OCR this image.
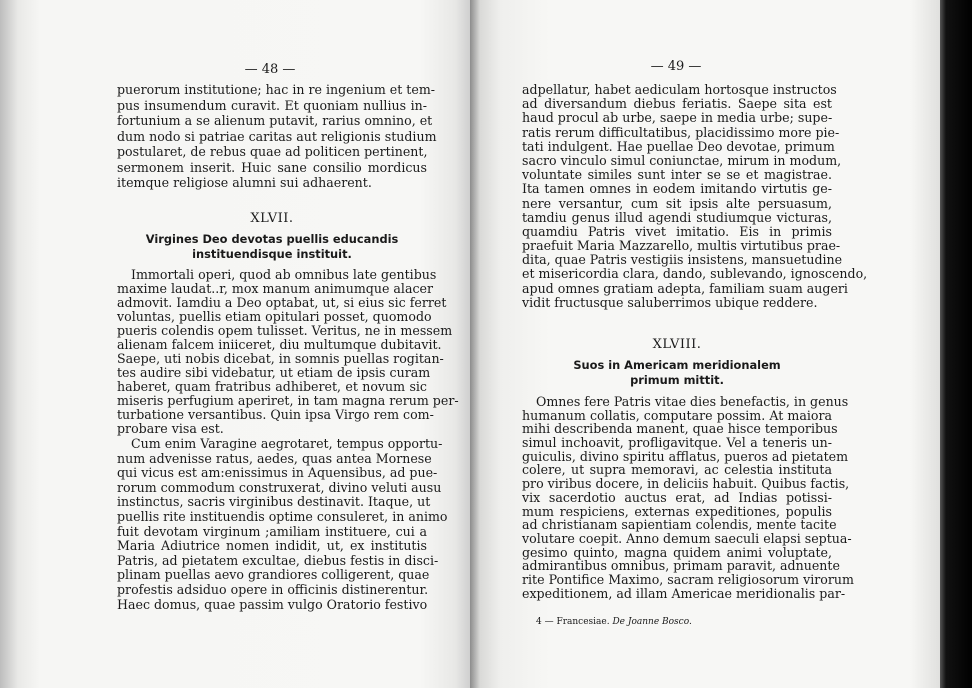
— 48 —
puerorum institutione; hac in re ingenium et tem-
pus insumendum curavit. Et quoniam nullius in-
fortunium a se alienum putavit, rarius omnino, et
dum nodo si patriae caritas aut religionis studium
postularet, de rebus quae ad politicen pertinent,
sermonem inserit. Huic sane consilio mordicus
itemque religiose alumni sui adhaerent.
XLVII.
Virgines Deo devotas puellis educandis
instituendisque instituit.
Immortali operi, quod ab omnibus late gentibus
maxime laudat..r, mox manum animumque alacer
admovit. Iamdiu a Deo optabat, ut, si eius sic ferret
voluntas, puellis etiam opitulari posset, quomodo
pueris colendis opem tulisset. Veritus, ne in messem
alienam falcem iniiceret, diu multumque dubitavit.
Saepe, uti nobis dicebat, in somnis puellas rogitan-
tes audire sibi videbatur, ut etiam de ipsis curam
haberet, quam fratribus adhiberet, et novum sic
miseris perfugium aperiret, in tam magna rerum per-
turbatione versantibus. Quin ipsa Virgo rem com-
probare visa est.
Cum enim Varagine aegrotaret, tempus opportu-
num advenisse ratus, aedes, quas antea Mornese
qui vicus est am:enissimus in Aquensibus, ad pue-
rorum commodum construxerat, divino veluti ausu
instinctus, sacris virginibus destinavit. Itaque, ut
puellis rite instituendis optime consuleret, in animo
fuit devotam virginum ;amiliam instituere, cui a
Maria Adiutrice nomen indidit, ut, ex institutis
Patris, ad pietatem excultae, diebus festis in disci-
plinam puellas aevo grandiores colligerent, quae
profestis adsiduo opere in officinis distinerentur.
Haec domus, quae passim vulgo Oratorio festivo
— 49 —
adpellatur, habet aediculam hortosque instructos
ad diversandum diebus feriatis. Saepe sita est
haud procul ab urbe, saepe in media urbe; supe-
ratis rerum difficultatibus, placidissimo more pie-
tati indulgent. Hae puellae Deo devotae, primum
sacro vinculo simul coniunctae, mirum in modum,
voluntate similes sunt inter se se et magistrae.
Ita tamen omnes in eodem imitando virtutis ge-
nere versantur, cum sit ipsis alte persuasum,
tamdiu genus illud agendi studiumque victuras,
quamdiu Patris vivet imitatio. Eis in primis
praefuit Maria Mazzarello, multis virtutibus prae-
dita, quae Patris vestigiis insistens, mansuetudine
et misericordia clara, dando, sublevando, ignoscendo,
apud omnes gratiam adepta, familiam suam augeri
vidit fructusque saluberrimos ubique reddere.
XLVIII.
Suos in Americam meridionalem
primum mittit.
Omnes fere Patris vitae dies benefactis, in genus
humanum collatis, computare possim. At maiora
mihi describenda manent, quae hisce temporibus
simul inchoavit, profligavitque. Vel a teneris un-
guiculis, divino spiritu afflatus, pueros ad pietatem
colere, ut supra memoravi, ac celestia instituta
pro viribus docere, in deliciis habuit. Quibus factis,
vix sacerdotio auctus erat, ad Indias potissi-
mum respiciens, externas expeditiones, populis
ad christianam sapientiam colendis, mente tacite
volutare coepit. Anno demum saeculi elapsi septua-
gesimo quinto, magna quidem animi voluptate,
admirantibus omnibus, primam paravit, adnuente
rite Pontifice Maximo, sacram religiosorum virorum
expeditionem, ad illam Americae meridionalis par-
4 — Francesiae. De Joanne Bosco.
